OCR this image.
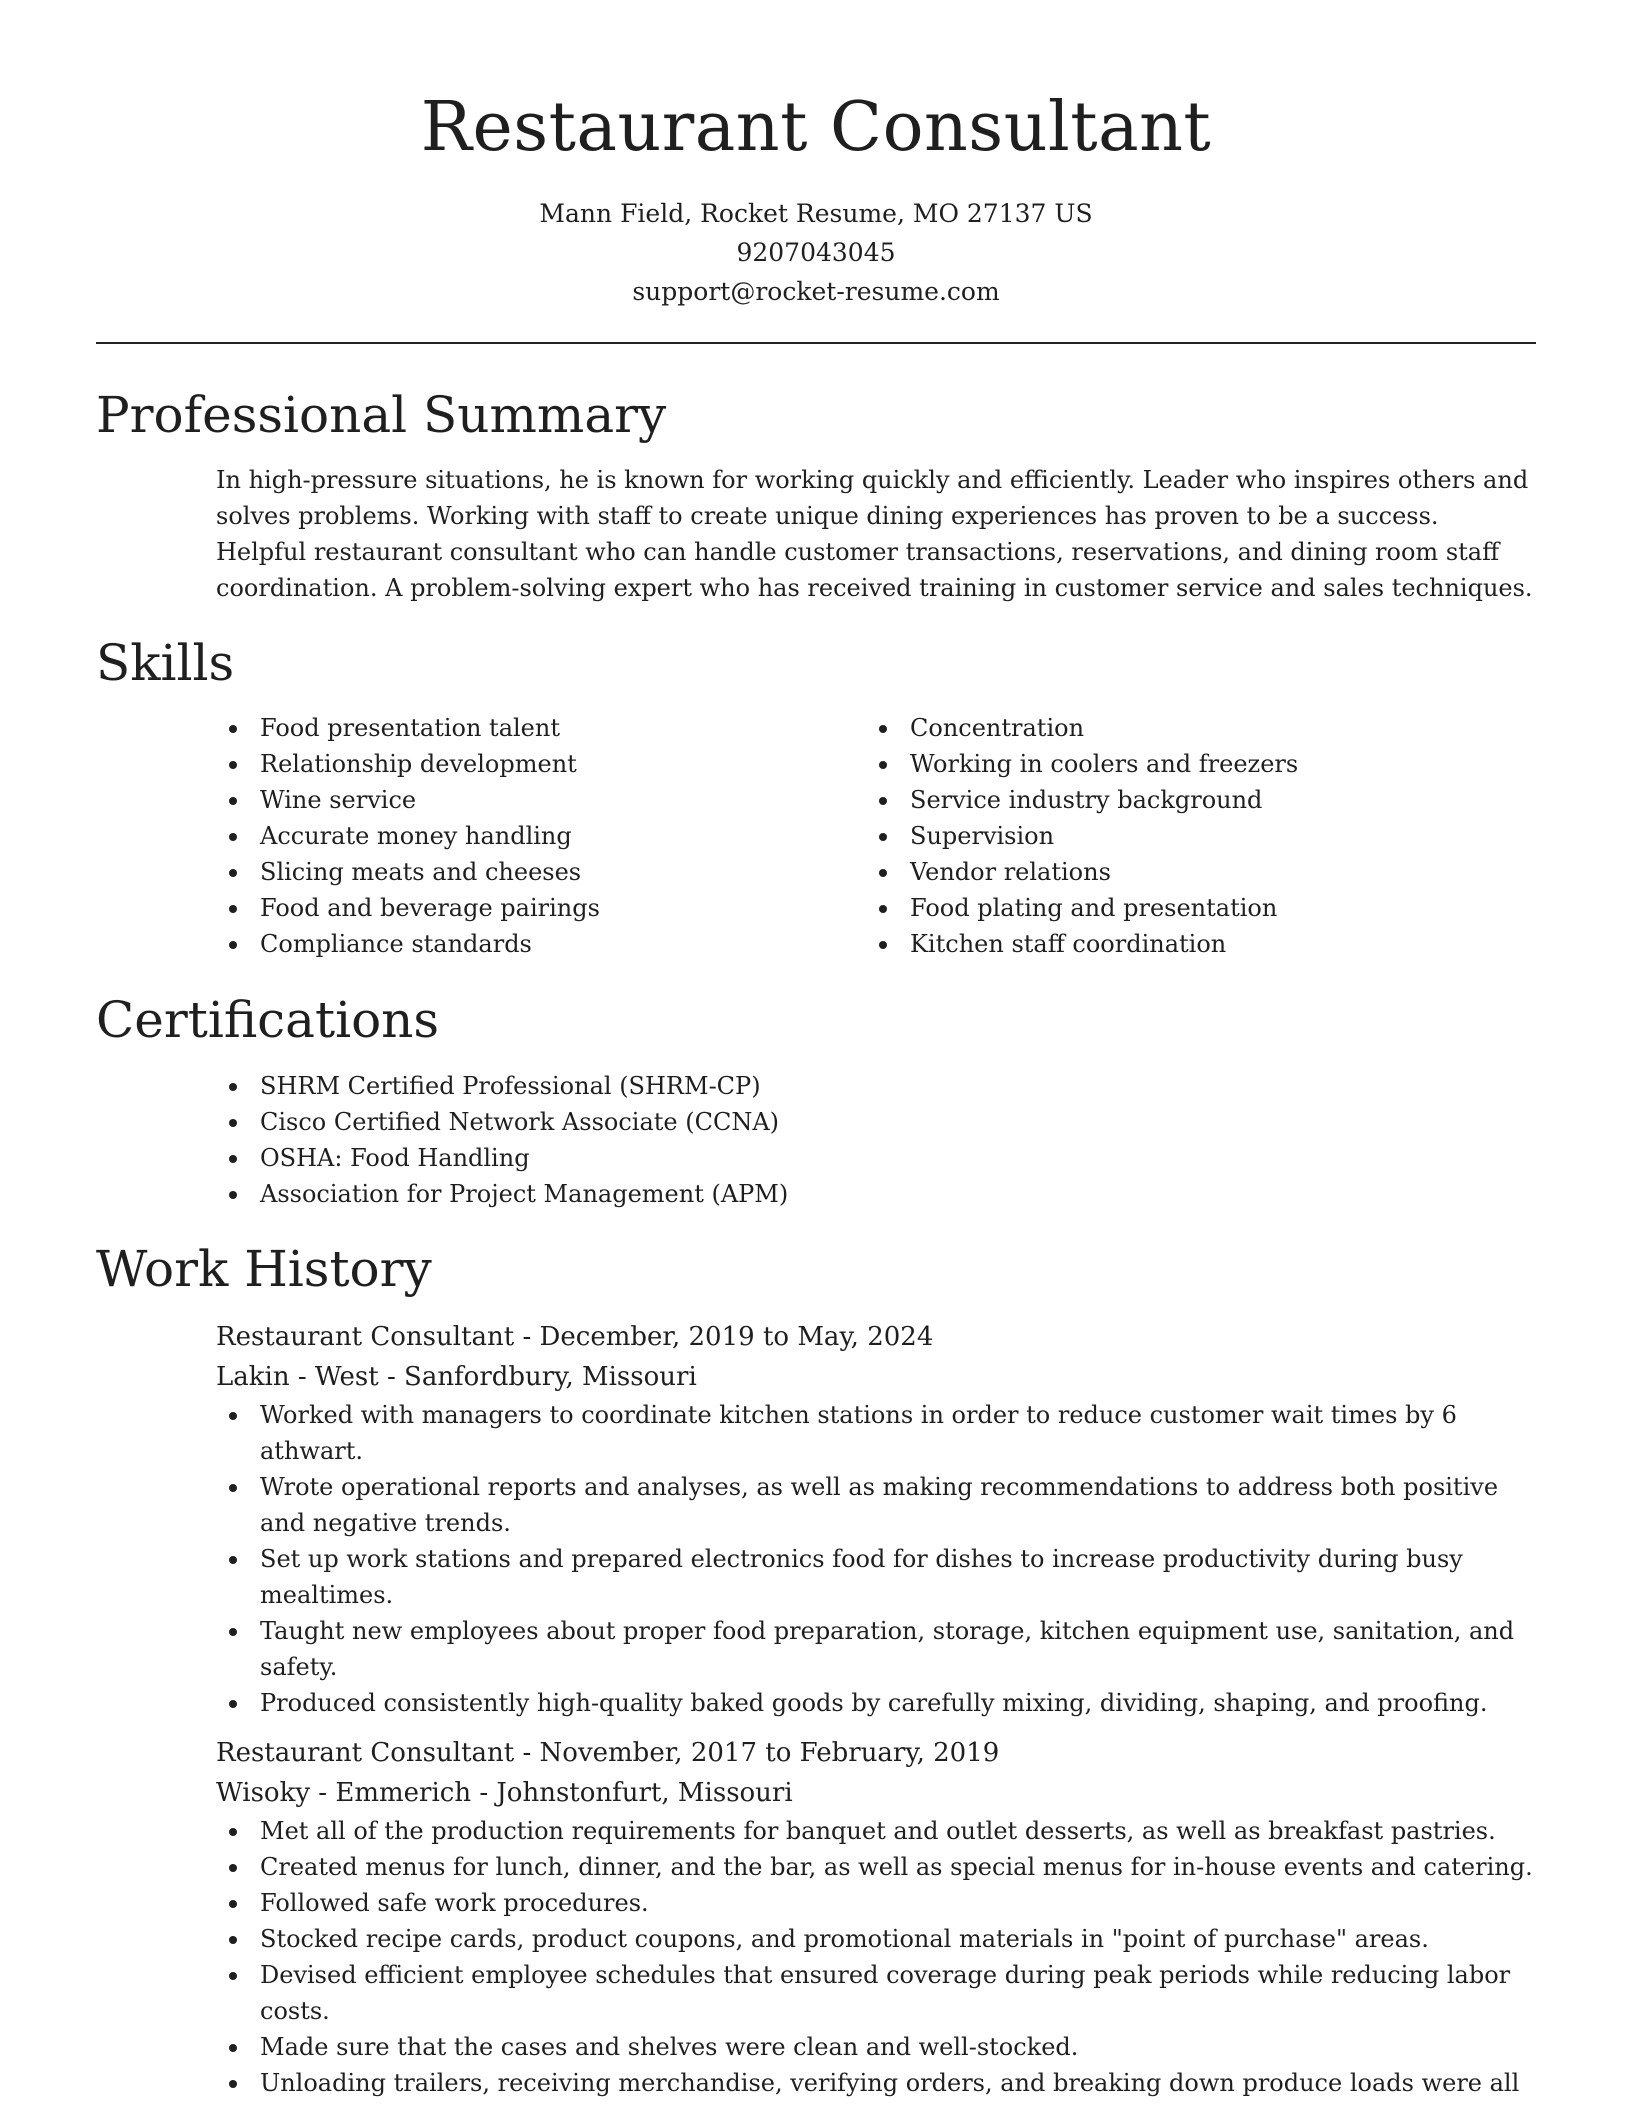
Restaurant Consultant
Mann Field, Rocket Resume, MO 27137 US
9207043045
support@rocket-resume.com
Professional Summary

In high-pressure situations, he is known for working quickly and efficiently. Leader who inspires others and solves problems. Working with staff to create unique dining experiences has proven to be a success. Helpful restaurant consultant who can handle customer transactions, reservations, and dining room staff coordination. A problem-solving expert who has received training in customer service and sales techniques.

Skills
Food presentation talent
Relationship development
Wine service
Accurate money handling
Slicing meats and cheeses
Food and beverage pairings
Compliance standards
Concentration
Working in coolers and freezers
Service industry background
Supervision
Vendor relations
Food plating and presentation
Kitchen staff coordination
Certifications
SHRM Certified Professional (SHRM-CP)
Cisco Certified Network Associate (CCNA)
OSHA: Food Handling
Association for Project Management (APM)
Work History
Restaurant Consultant - December, 2019 to May, 2024
Lakin - West - Sanfordbury, Missouri
Worked with managers to coordinate kitchen stations in order to reduce customer wait times by 6 athwart.
Wrote operational reports and analyses, as well as making recommendations to address both positive and negative trends.
Set up work stations and prepared electronics food for dishes to increase productivity during busy mealtimes.
Taught new employees about proper food preparation, storage, kitchen equipment use, sanitation, and safety.
Produced consistently high-quality baked goods by carefully mixing, dividing, shaping, and proofing.
Restaurant Consultant - November, 2017 to February, 2019
Wisoky - Emmerich - Johnstonfurt, Missouri
Met all of the production requirements for banquet and outlet desserts, as well as breakfast pastries.
Created menus for lunch, dinner, and the bar, as well as special menus for in-house events and catering.
Followed safe work procedures.
Stocked recipe cards, product coupons, and promotional materials in "point of purchase" areas.
Devised efficient employee schedules that ensured coverage during peak periods while reducing labor costs.
Made sure that the cases and shelves were clean and well-stocked.
Unloading trailers, receiving merchandise, verifying orders, and breaking down produce loads were all
